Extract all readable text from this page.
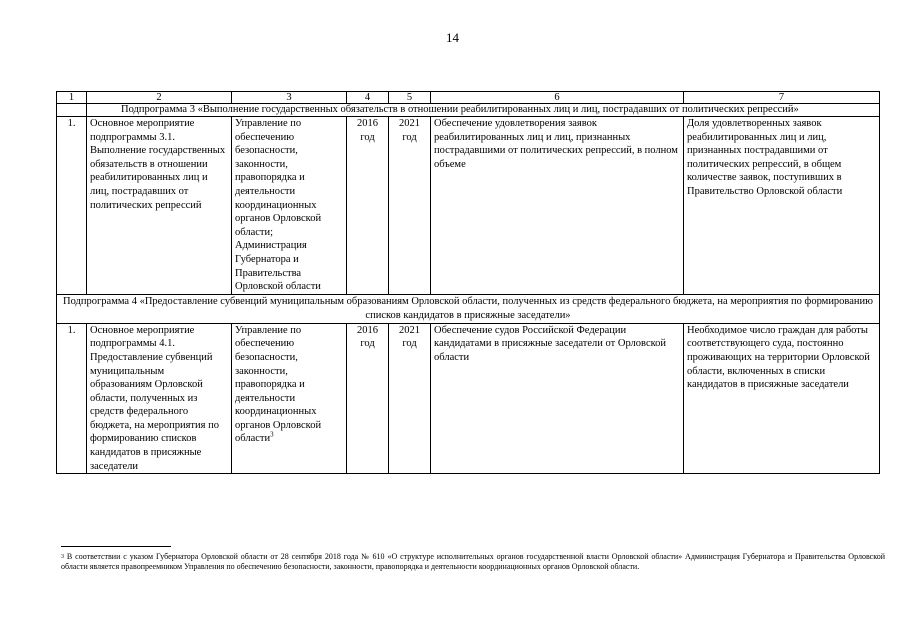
14
1	2	3	4	5	6	7
	Подпрограмма 3 «Выполнение государственных обязательств в отношении реабилитированных лиц и лиц, пострадавших от политических репрессий»					
1.	Основное мероприятие подпрограммы 3.1. Выполнение государственных обязательств в отношении реабилитированных лиц и лиц, пострадавших от политических репрессий	Управление по обеспечению безопасности, законности, правопорядка и деятельности координационных органов Орловской области; Администрация Губернатора и Правительства Орловской области	2016 год	2021 год	Обеспечение удовлетворения заявок реабилитированных лиц и лиц, признанных пострадавшими от политических репрессий, в полном объеме	Доля удовлетворенных заявок реабилитированных лиц и лиц, признанных пострадавшими от политических репрессий, в общем количестве заявок, поступивших в Правительство Орловской области
Подпрограмма 4 «Предоставление субвенций муниципальным образованиям Орловской области, полученных из средств федерального бюджета, на мероприятия по формированию списков кандидатов в присяжные заседатели»						
1.	Основное мероприятие подпрограммы 4.1. Предоставление субвенций муниципальным образованиям Орловской области, полученных из средств федерального бюджета, на мероприятия по формированию списков кандидатов в присяжные заседатели	Управление по обеспечению безопасности, законности, правопорядка и деятельности координационных органов Орловской области$^3$	2016 год	2021 год	Обеспечение судов Российской Федерации кандидатами в присяжные заседатели от Орловской области	Необходимое число граждан для работы соответствующего суда, постоянно проживающих на территории Орловской области, включенных в списки кандидатов в присяжные заседатели
$^3$ В соответствии с указом Губернатора Орловской области от 28 сентября 2018 года № 610 «О структуре исполнительных органов государственной власти Орловской области» Администрация Губернатора и Правительства Орловской области является правопреемником Управления по обеспечению безопасности, законности, правопорядка и деятельности координационных органов Орловской области.
